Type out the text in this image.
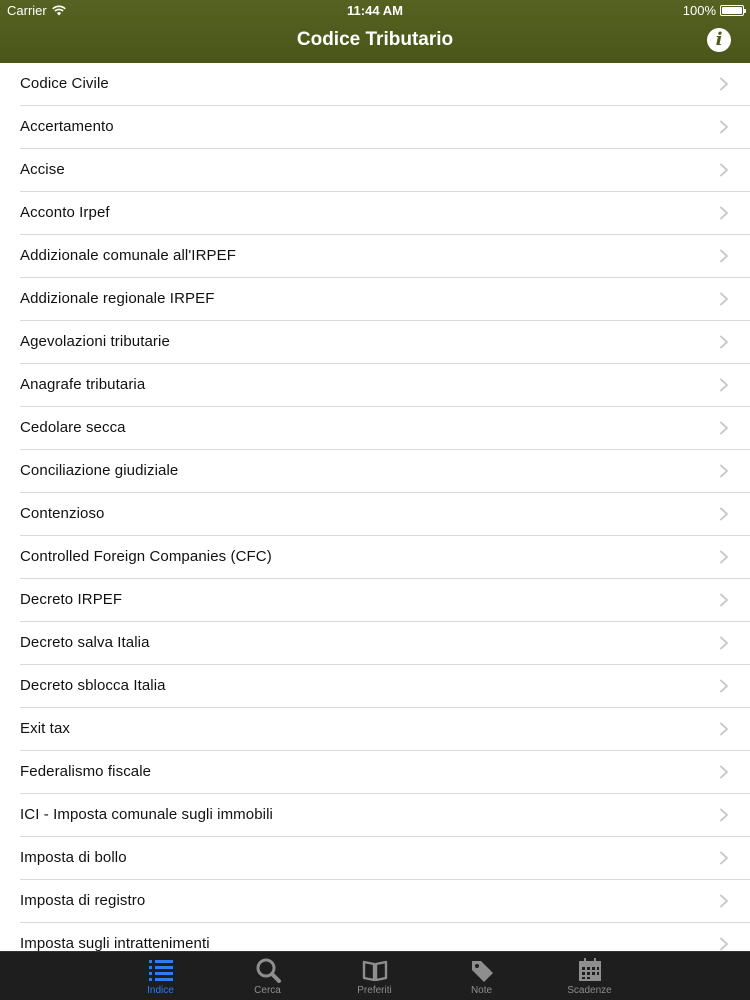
Carrier	11:44 AM	100%
Codice Tributario	i
Codice Civile
Accertamento
Accise
Acconto Irpef
Addizionale comunale all'IRPEF
Addizionale regionale IRPEF
Agevolazioni tributarie
Anagrafe tributaria
Cedolare secca
Conciliazione giudiziale
Contenzioso
Controlled Foreign Companies (CFC)
Decreto IRPEF
Decreto salva Italia
Decreto sblocca Italia
Exit tax
Federalismo fiscale
ICI - Imposta comunale sugli immobili
Imposta di bollo
Imposta di registro
Imposta sugli intrattenimenti
Indice	Cerca	Preferiti	Note	Scadenze
